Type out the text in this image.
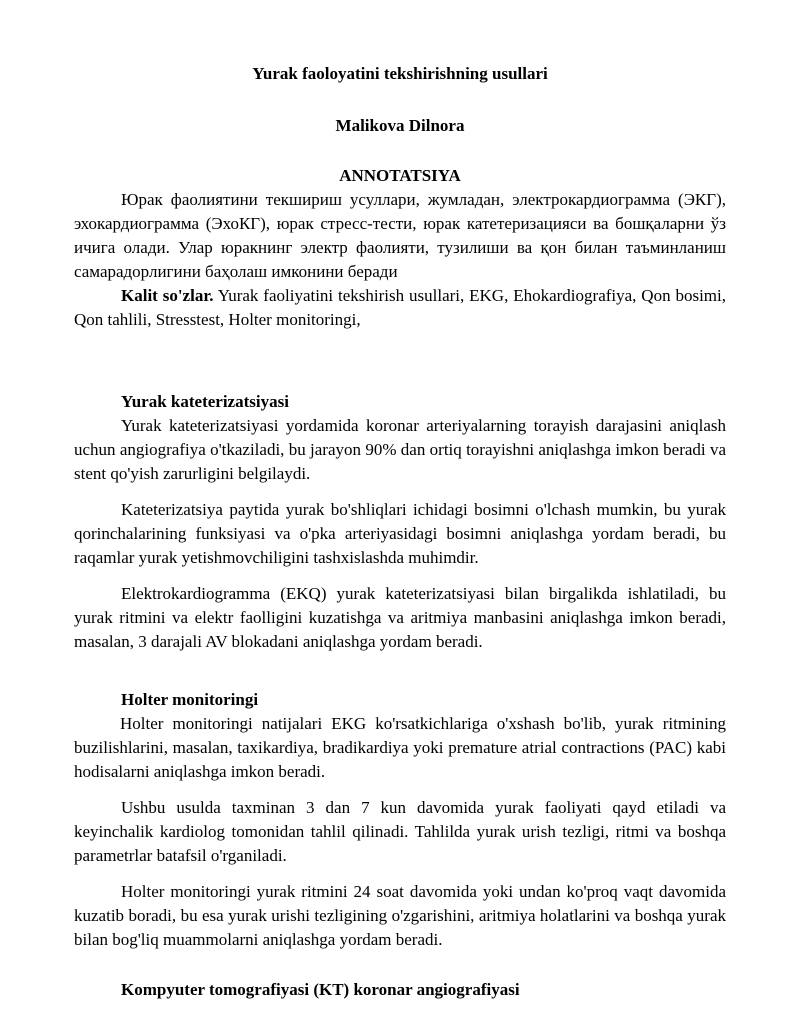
Yurak faoloyatini tekshirishning usullari

Malikova Dilnora

ANNOTATSIYA

Юрак фаолиятини текшириш усуллари, жумладан, электрокардиограмма (ЭКГ), эхокардиограмма (ЭхоКГ), юрак стресс-тести, юрак катетеризацияси ва бошқаларни ўз ичига олади. Улар юракнинг электр фаолияти, тузилиши ва қон билан таъминланиш самарадорлигини баҳолаш имконини беради

Kalit so'zlar. Yurak faoliyatini tekshirish usullari, EKG, Ehokardiografiya, Qon bosimi, Qon tahlili, Stresstest, Holter monitoringi,

Yurak kateterizatsiyasi

Yurak kateterizatsiyasi yordamida koronar arteriyalarning torayish darajasini aniqlash uchun angiografiya o'tkaziladi, bu jarayon 90% dan ortiq torayishni aniqlashga imkon beradi va stent qo'yish zarurligini belgilaydi.

Kateterizatsiya paytida yurak bo'shliqlari ichidagi bosimni o'lchash mumkin, bu yurak qorinchalarining funksiyasi va o'pka arteriyasidagi bosimni aniqlashga yordam beradi, bu raqamlar yurak yetishmovchiligini tashxislashda muhimdir.

Elektrokardiogramma (EKQ) yurak kateterizatsiyasi bilan birgalikda ishlatiladi, bu yurak ritmini va elektr faolligini kuzatishga va aritmiya manbasini aniqlashga imkon beradi, masalan, 3 darajali AV blokadani aniqlashga yordam beradi.

Holter monitoringi

Holter monitoringi natijalari EKG ko'rsatkichlariga o'xshash bo'lib, yurak ritmining buzilishlarini, masalan, taxikardiya, bradikardiya yoki premature atrial contractions (PAC) kabi hodisalarni aniqlashga imkon beradi.

Ushbu usulda taxminan 3 dan 7 kun davomida yurak faoliyati qayd etiladi va keyinchalik kardiolog tomonidan tahlil qilinadi. Tahlilda yurak urish tezligi, ritmi va boshqa parametrlar batafsil o'rganiladi.

Holter monitoringi yurak ritmini 24 soat davomida yoki undan ko'proq vaqt davomida kuzatib boradi, bu esa yurak urishi tezligining o'zgarishini, aritmiya holatlarini va boshqa yurak bilan bog'liq muammolarni aniqlashga yordam beradi.

Kompyuter tomografiyasi (KT) koronar angiografiyasi
